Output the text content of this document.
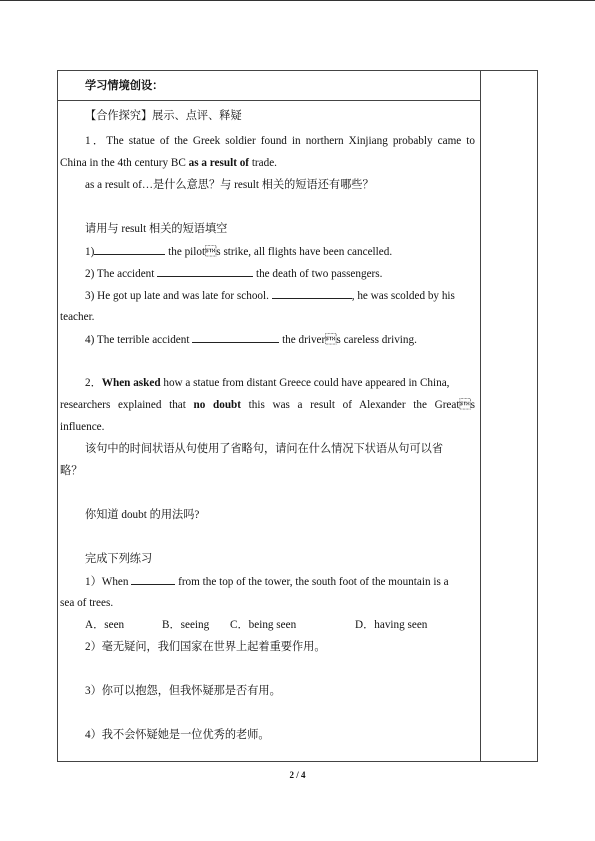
学习情境创设：
【合作探究】展示、点评、释疑
1．The statue of the Greek soldier found in northern Xinjiang probably came to
China in the 4th century BC as a result of trade.
as a result of…是什么意思？与 result 相关的短语还有哪些？
请用与 result 相关的短语填空
1)	the pilots strike, all flights have been cancelled.
2) The accident	the death of two passengers.
3) He got up late and was late for school.	, he was scolded by his
teacher.
4) The terrible accident	the drivers careless driving.
2．When asked how a statue from distant Greece could have appeared in China,
researchers explained that no doubt this was a result of Alexander the Greats
influence.
该句中的时间状语从句使用了省略句，请问在什么情况下状语从句可以省
略？
你知道 doubt 的用法吗?
完成下列练习
1）When	from the top of the tower, the south foot of the mountain is a
sea of trees.
A．seen	B．seeing C．being seen	D．having seen
2）毫无疑问，我们国家在世界上起着重要作用。
3）你可以抱怨，但我怀疑那是否有用。
4）我不会怀疑她是一位优秀的老师。
2 / 4
